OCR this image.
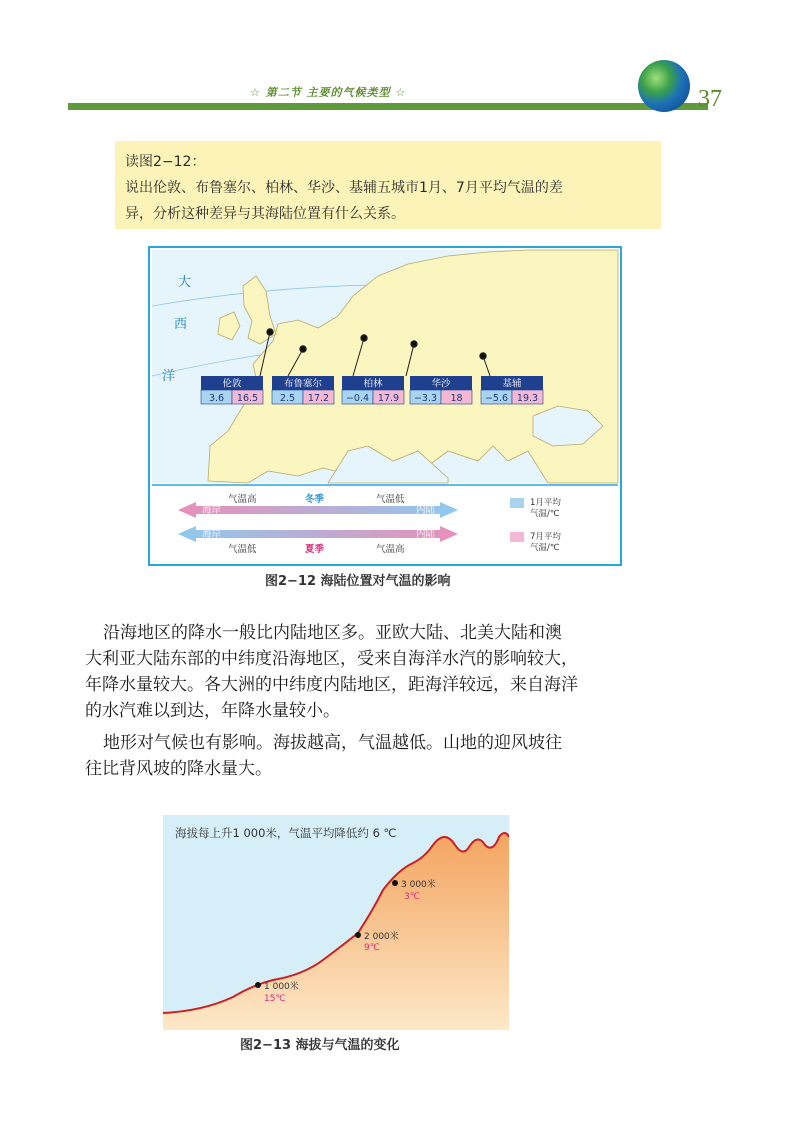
☆ 第二节 主要的气候类型 ☆	37
读图2−12：
说出伦敦、布鲁塞尔、柏林、华沙、基辅五城市1月、7月平均气温的差
异，分析这种差异与其海陆位置有什么关系。
大
西
洋	伦敦
3.6 16.5
布鲁塞尔
2.5 17.2
柏林
−0.4 17.9
华沙
−3.3 18
基辅
−5.6 19.3
气温高	冬季	气温低
海岸	内陆
海岸	内陆
气温低	夏季	气温高
1月平均
气温/℃
7月平均
气温/℃
图2−12 海陆位置对气温的影响
沿海地区的降水一般比内陆地区多。亚欧大陆、北美大陆和澳
大利亚大陆东部的中纬度沿海地区，受来自海洋水汽的影响较大，
年降水量较大。各大洲的中纬度内陆地区，距海洋较远，来自海洋
的水汽难以到达，年降水量较小。
地形对气候也有影响。海拔越高，气温越低。山地的迎风坡往
往比背风坡的降水量大。
海拔每上升1 000米，气温平均降低约 6 ℃
1 000米
15℃
2 000米
9℃
3 000米
3℃
图2−13 海拔与气温的变化
